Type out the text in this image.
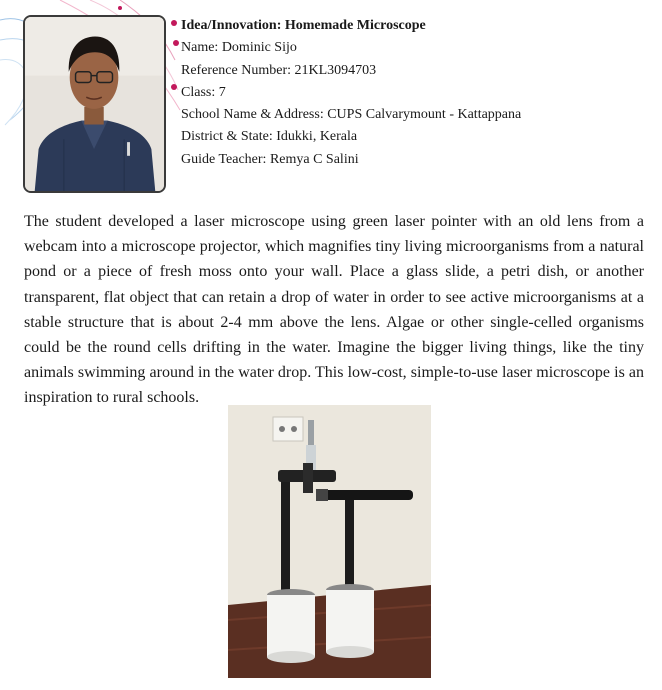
Idea/Innovation: Homemade Microscope
Name: Dominic Sijo
Reference Number: 21KL3094703
Class: 7
School Name & Address: CUPS Calvarymount - Kattappana
District & State: Idukki, Kerala
Guide Teacher: Remya C Salini

The student developed a laser microscope using green laser pointer with an old lens from a webcam into a microscope projector, which magnifies tiny living microorganisms from a natural pond or a piece of fresh moss onto your wall. Place a glass slide, a petri dish, or another transparent, flat object that can retain a drop of water in order to see active microorganisms at a stable structure that is about 2-4 mm above the lens. Algae or other single-celled organisms could be the round cells drifting in the water. Imagine the bigger living things, like the tiny animals swimming around in the water drop. This low-cost, simple-to-use laser microscope is an inspiration to rural schools.
